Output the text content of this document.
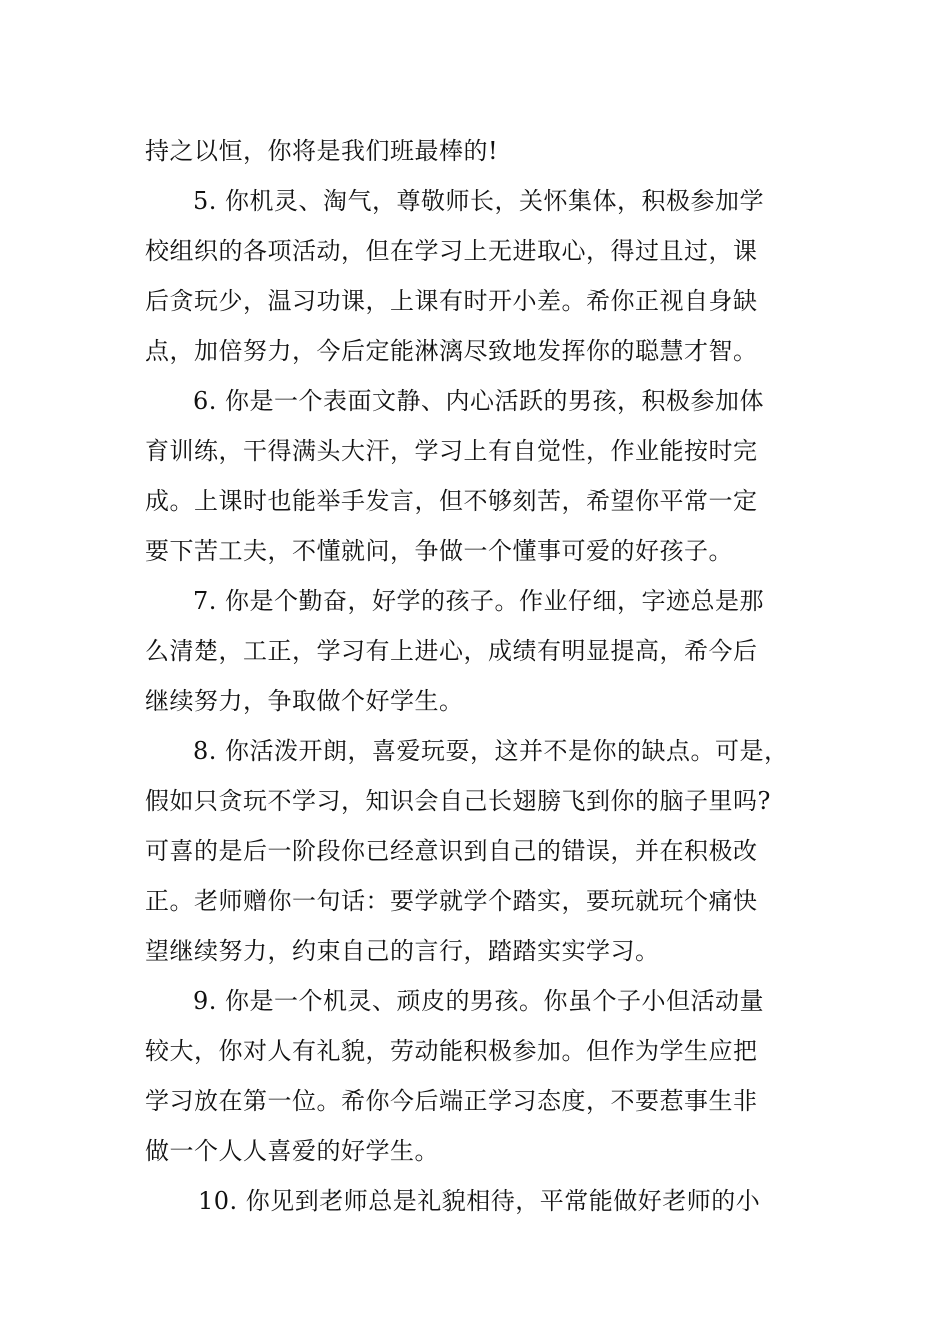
持之以恒，你将是我们班最棒的!
5. 你机灵、淘气，尊敬师长，关怀集体，积极参加学
校组织的各项活动，但在学习上无进取心，得过且过，课
后贪玩少，温习功课，上课有时开小差。希你正视自身缺
点，加倍努力，今后定能淋漓尽致地发挥你的聪慧才智。
6. 你是一个表面文静、内心活跃的男孩，积极参加体
育训练，干得满头大汗，学习上有自觉性，作业能按时完
成。上课时也能举手发言，但不够刻苦，希望你平常一定
要下苦工夫，不懂就问，争做一个懂事可爱的好孩子。
7. 你是个勤奋，好学的孩子。作业仔细，字迹总是那
么清楚，工正，学习有上进心，成绩有明显提高，希今后
继续努力，争取做个好学生。
8. 你活泼开朗，喜爱玩耍，这并不是你的缺点。可是，
假如只贪玩不学习，知识会自己长翅膀飞到你的脑子里吗?
可喜的是后一阶段你已经意识到自己的错误，并在积极改
正。老师赠你一句话：要学就学个踏实，要玩就玩个痛快
望继续努力，约束自己的言行，踏踏实实学习。
9. 你是一个机灵、顽皮的男孩。你虽个子小但活动量
较大，你对人有礼貌，劳动能积极参加。但作为学生应把
学习放在第一位。希你今后端正学习态度，不要惹事生非
做一个人人喜爱的好学生。
10. 你见到老师总是礼貌相待，平常能做好老师的小
